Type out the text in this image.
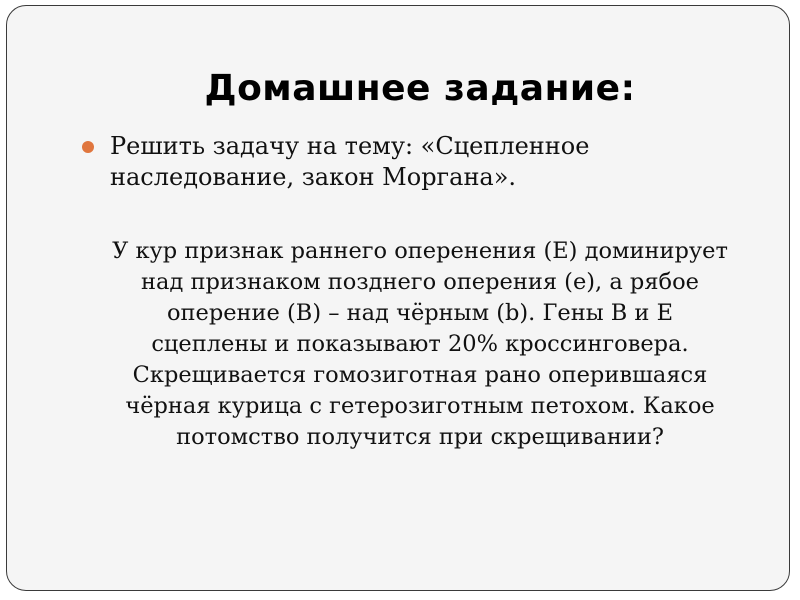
Домашнее задание:
Решить задачу на тему: «Сцепленное
наследование, закон Моргана».
У кур признак раннего оперенения (Е) доминирует
над признаком позднего оперения (е), а рябое
оперение (В) – над чёрным (b). Гены В и Е
сцеплены и показывают 20% кроссинговера.
Скрещивается гомозиготная рано оперившаяся
чёрная курица с гетерозиготным петохом. Какое
потомство получится при скрещивании?
